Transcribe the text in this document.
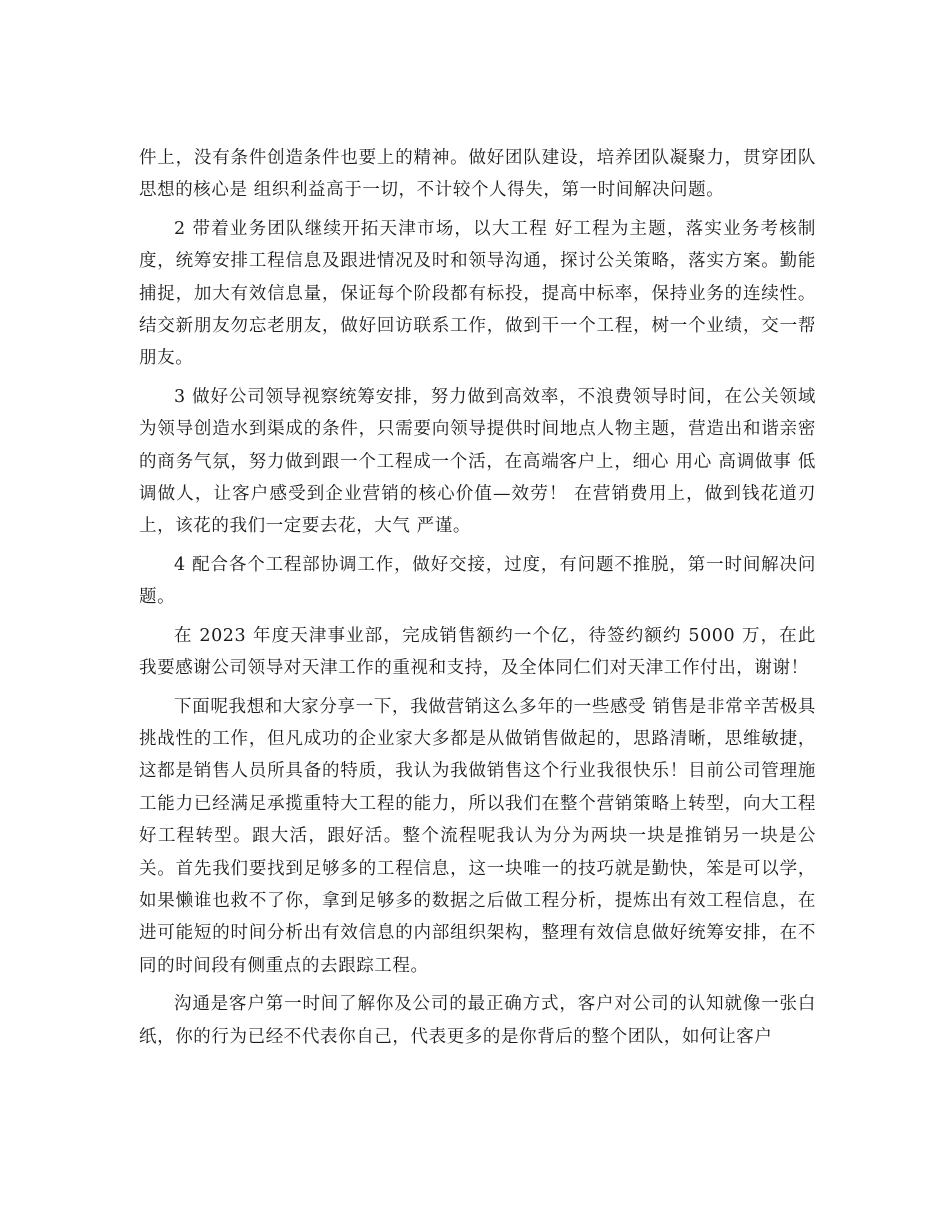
件上，没有条件创造条件也要上的精神。做好团队建设，培养团队凝聚力，贯穿团队思想的核心是 组织利益高于一切，不计较个人得失，第一时间解决问题。

2 带着业务团队继续开拓天津市场，以大工程 好工程为主题，落实业务考核制度，统筹安排工程信息及跟进情况及时和领导沟通，探讨公关策略，落实方案。勤能捕捉，加大有效信息量，保证每个阶段都有标投，提高中标率，保持业务的连续性。结交新朋友勿忘老朋友，做好回访联系工作，做到干一个工程，树一个业绩，交一帮朋友。

3 做好公司领导视察统筹安排，努力做到高效率，不浪费领导时间，在公关领域为领导创造水到渠成的条件，只需要向领导提供时间地点人物主题，营造出和谐亲密的商务气氛，努力做到跟一个工程成一个活，在高端客户上，细心 用心 高调做事 低调做人，让客户感受到企业营销的核心价值—效劳！ 在营销费用上，做到钱花道刃上，该花的我们一定要去花，大气 严谨。

4 配合各个工程部协调工作，做好交接，过度，有问题不推脱，第一时间解决问题。

在 2023 年度天津事业部，完成销售额约一个亿，待签约额约 5000 万，在此我要感谢公司领导对天津工作的重视和支持，及全体同仁们对天津工作付出，谢谢！

下面呢我想和大家分享一下，我做营销这么多年的一些感受 销售是非常辛苦极具挑战性的工作，但凡成功的企业家大多都是从做销售做起的，思路清晰，思维敏捷，这都是销售人员所具备的特质，我认为我做销售这个行业我很快乐！目前公司管理施工能力已经满足承揽重特大工程的能力，所以我们在整个营销策略上转型，向大工程 好工程转型。跟大活，跟好活。整个流程呢我认为分为两块一块是推销另一块是公关。首先我们要找到足够多的工程信息，这一块唯一的技巧就是勤快，笨是可以学，如果懒谁也救不了你，拿到足够多的数据之后做工程分析，提炼出有效工程信息，在进可能短的时间分析出有效信息的内部组织架构，整理有效信息做好统筹安排，在不同的时间段有侧重点的去跟踪工程。

沟通是客户第一时间了解你及公司的最正确方式，客户对公司的认知就像一张白纸，你的行为已经不代表你自己，代表更多的是你背后的整个团队，如何让客户
